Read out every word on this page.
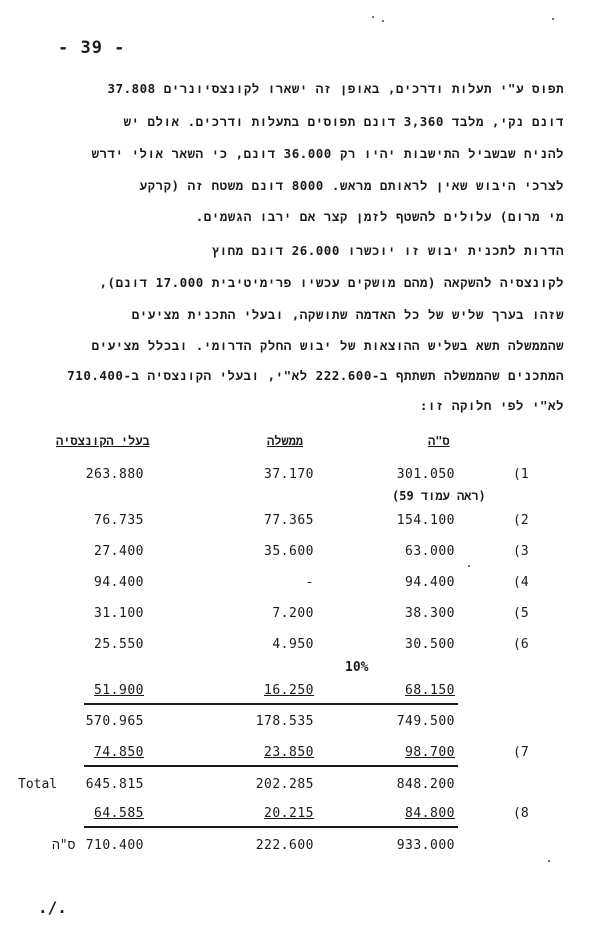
- 39 -
תפוס ע"י תעלות ודרכים, באופן זה ישארו לקונצסיונרים 37.808
דונם נקי, מלבד 3,360 דונם תפוסים בתעלות ודרכים. אולם יש
להניח שבשביל התישבות יהיו רק 36.000 דונם, כי השאר אולי ידרש
לצרכי היבוש שאין לראותם מראש. 8000 דונם משטח זה (קרקע
מי מרום) עלולים להשטף לזמן קצר אם ירבו הגשמים.
הדרות לתכנית יבוש זו יוכשרו 26.000 דונם מחוץ
לקונצסיה להשקאה (מהם מושקים עכשיו פרימיטיבית 17.000 דונם),
שזהו בערך שליש של כל האדמה שתושקה, ובעלי התכנית מציעים
שהממשלה תשא בשליש ההוצאות של יבוש החלק הדרומי. ובכלל מציעים
המתכנים שהממשלה תשתתף ב-222.600 לא"י, ובעלי הקונצסיה ב-710.400
לא"י לפי חלוקה זו:
בעלי הקונצסיה	ממשלה	ס"ה
263.880	37.170	301.050	(1
(ראה עמוד 59)
76.735	77.365	154.100	(2
27.400	35.600	63.000	(3
94.400	-	94.400	(4
31.100	7.200	38.300	(5
25.550	4.950	30.500	(6
10%
51.900	16.250	68.150
570.965	178.535	749.500
74.850	23.850	98.700	(7
Total	645.815	202.285	848.200
64.585	20.215	84.800	(8
ס"ה 710.400	222.600	933.000
./.
